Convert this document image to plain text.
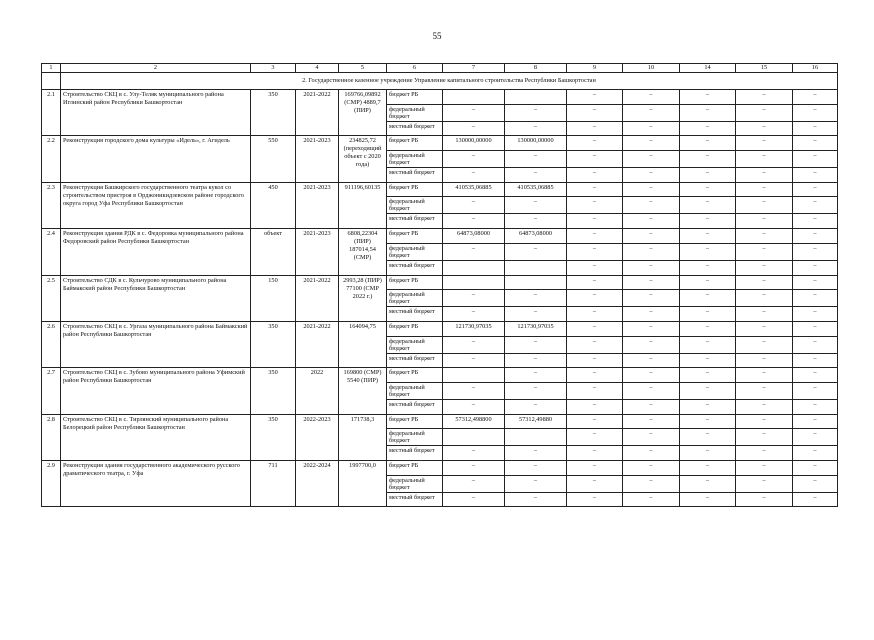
55
1	2	3	4	5	6	7	8	9	10	14	15	16
	2. Государственное казенное учреждение Управление капитального строительства Республики Башкортостан											
2.1	Строительство СКЦ в с. Улу-Теляк муниципального района Иглинский район Республики Башкортостан	350	2021-2022	169766,09892 (СМР) 4889,7 (ПИР)	бюджет РБ			–	–	–	–	–
					федеральный бюджет	–	–	–	–	–	–	–
					местный бюджет	–	–	–	–	–	–	–
2.2	Реконструкция городского дома культуры «Идель», г. Агидель	550	2021-2023	234825,72 (переходящий объект с 2020 года)	бюджет РБ	130000,00000	130000,00000	–	–	–	–	–
					федеральный бюджет	–	–	–	–	–	–	–
					местный бюджет	–	–	–	–	–	–	–
2.3	Реконструкция Башкирского государственного театра кукол со строительством пристроя в Орджоникидзевском районе городского округа город Уфа Республики Башкортостан	450	2021-2023	911196,60135	бюджет РБ	410535,06885	410535,06885	–	–	–	–	–
					федеральный бюджет	–	–	–	–	–	–	–
					местный бюджет	–	–	–	–	–	–	–
2.4	Реконструкция здания РДК в с. Федоровка муниципального района Федоровский район Республики Башкортостан	объект	2021-2023	6808,22304 (ПИР) 187014,54 (СМР)	бюджет РБ	64873,08000	64873,08000	–	–	–	–	–
					федеральный бюджет	–	–	–	–	–	–	–
					местный бюджет			–	–	–	–	–
2.5	Строительство СДК в с. Кульчурово муниципального района Баймакский район Республики Башкортостан	150	2021-2022	2993,28 (ПИР) 77100 (СМР 2022 г.)	бюджет РБ			–	–	–	–	–
					федеральный бюджет	–	–	–	–	–	–	–
					местный бюджет	–	–	–	–	–	–	–
2.6	Строительство СКЦ в с. Ургаза муниципального района Баймакский район Республики Башкортостан	350	2021-2022	164094,75	бюджет РБ	121730,97035	121730,97035	–	–	–	–	–
					федеральный бюджет	–	–	–	–	–	–	–
					местный бюджет	–	–	–	–	–	–	–
2.7	Строительство СКЦ в с. Зубово муниципального района Уфимский район Республики Башкортостан	350	2022	169800 (СМР) 5540 (ПИР)	бюджет РБ		–	–	–	–	–	–
					федеральный бюджет	–	–	–	–	–	–	–
					местный бюджет	–	–	–	–	–	–	–
2.8	Строительство СКЦ в с. Тирлянский муниципального района Белорецкий район Республики Башкортостан	350	2022-2023	171738,3	бюджет РБ	57312,498800	57312,49880	–	–	–	–	–
					федеральный бюджет			–	–	–	–	–
					местный бюджет	–	–	–	–	–	–	–
2.9	Реконструкция здания государственного академического русского драматического театра, г. Уфа	711	2022-2024	1997700,0	бюджет РБ	–	–	–	–	–	–	–
					федеральный бюджет	–	–	–	–	–	–	–
					местный бюджет	–	–	–	–	–	–	–
